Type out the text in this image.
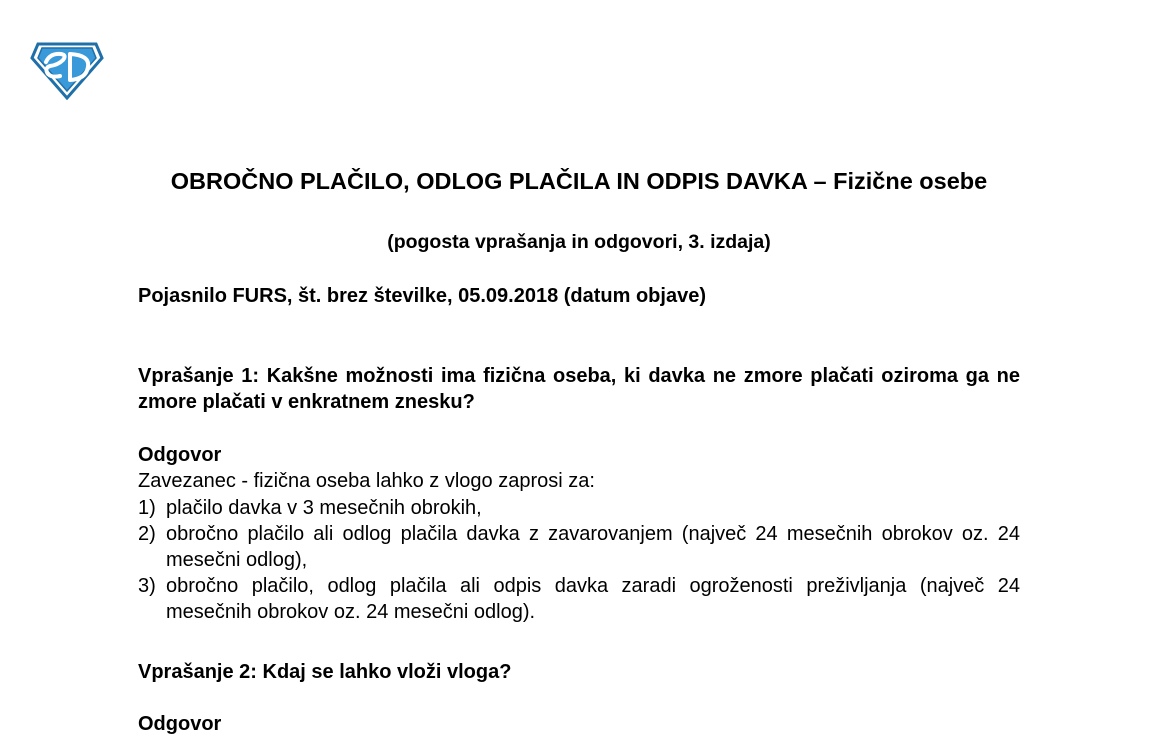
OBROČNO PLAČILO, ODLOG PLAČILA IN ODPIS DAVKA – Fizične osebe
(pogosta vprašanja in odgovori, 3. izdaja)
Pojasnilo FURS, št. brez številke, 05.09.2018 (datum objave)
Vprašanje 1: Kakšne možnosti ima fizična oseba, ki davka ne zmore plačati oziroma ga ne zmore plačati v enkratnem znesku?
Odgovor
Zavezanec - fizična oseba lahko z vlogo zaprosi za:
1) plačilo davka v 3 mesečnih obrokih,
2) obročno plačilo ali odlog plačila davka z zavarovanjem (največ 24 mesečnih obrokov oz. 24 mesečni odlog),
3) obročno plačilo, odlog plačila ali odpis davka zaradi ogroženosti preživljanja (največ 24 mesečnih obrokov oz. 24 mesečni odlog).
Vprašanje 2: Kdaj se lahko vloži vloga?
Odgovor
